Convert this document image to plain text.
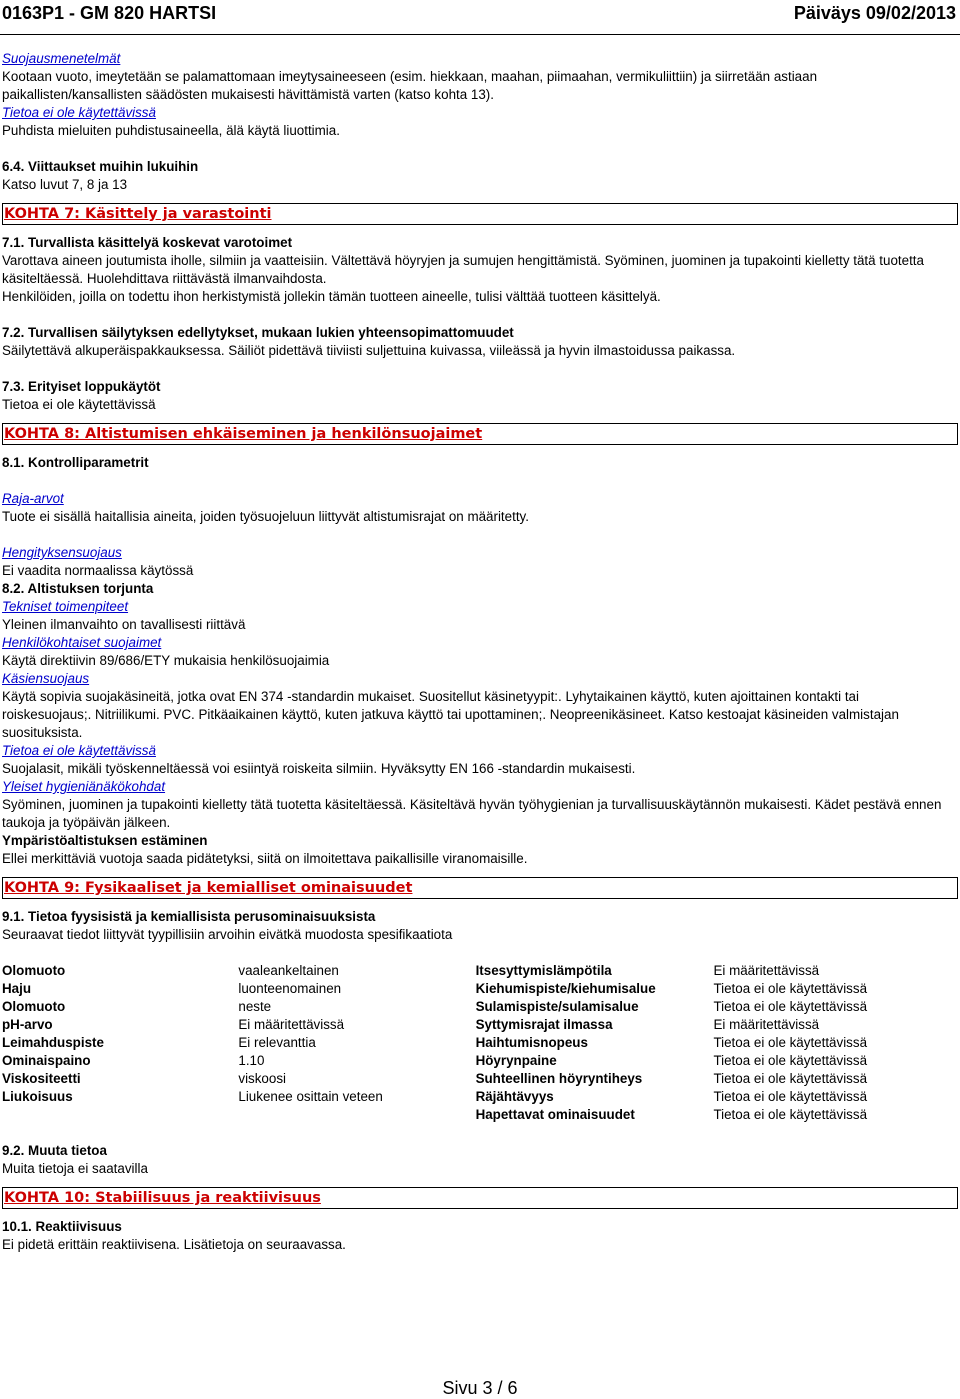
0163P1 - GM 820 HARTSI	Päiväys 09/02/2013

Suojausmenetelmät

Kootaan vuoto, imeytetään se palamattomaan imeytysaineeseen (esim. hiekkaan, maahan, piimaahan, vermikuliittiin) ja siirretään astiaan paikallisten/kansallisten säädösten mukaisesti hävittämistä varten (katso kohta 13).

Tietoa ei ole käytettävissä

Puhdista mieluiten puhdistusaineella, älä käytä liuottimia.

6.4. Viittaukset muihin lukuihin

Katso luvut 7, 8 ja 13

KOHTA 7: Käsittely ja varastointi

7.1. Turvallista käsittelyä koskevat varotoimet

Varottava aineen joutumista iholle, silmiin ja vaatteisiin. Vältettävä höyryjen ja sumujen hengittämistä. Syöminen, juominen ja tupakointi kielletty tätä tuotetta käsiteltäessä. Huolehdittava riittävästä ilmanvaihdosta.

Henkilöiden, joilla on todettu ihon herkistymistä jollekin tämän tuotteen aineelle, tulisi välttää tuotteen käsittelyä.

7.2. Turvallisen säilytyksen edellytykset, mukaan lukien yhteensopimattomuudet

Säilytettävä alkuperäispakkauksessa. Säiliöt pidettävä tiiviisti suljettuina kuivassa, viileässä ja hyvin ilmastoidussa paikassa.

7.3. Erityiset loppukäytöt

Tietoa ei ole käytettävissä

KOHTA 8: Altistumisen ehkäiseminen ja henkilönsuojaimet

8.1. Kontrolliparametrit

Raja-arvot

Tuote ei sisällä haitallisia aineita, joiden työsuojeluun liittyvät altistumisrajat on määritetty.

Hengityksensuojaus

Ei vaadita normaalissa käytössä

8.2. Altistuksen torjunta

Tekniset toimenpiteet

Yleinen ilmanvaihto on tavallisesti riittävä

Henkilökohtaiset suojaimet

Käytä direktiivin 89/686/ETY mukaisia henkilösuojaimia

Käsiensuojaus

Käytä sopivia suojakäsineitä, jotka ovat EN 374 -standardin mukaiset. Suositellut käsinetyypit:. Lyhytaikainen käyttö, kuten ajoittainen kontakti tai roiskesuojaus;. Nitriilikumi. PVC. Pitkäaikainen käyttö, kuten jatkuva käyttö tai upottaminen;. Neopreenikäsineet. Katso kestoajat käsineiden valmistajan suosituksista.

Tietoa ei ole käytettävissä

Suojalasit, mikäli työskenneltäessä voi esiintyä roiskeita silmiin. Hyväksytty EN 166 -standardin mukaisesti.

Yleiset hygieniänäkökohdat

Syöminen, juominen ja tupakointi kielletty tätä tuotetta käsiteltäessä. Käsiteltävä hyvän työhygienian ja turvallisuuskäytännön mukaisesti. Kädet pestävä ennen taukoja ja työpäivän jälkeen.

Ympäristöaltistuksen estäminen

Ellei merkittäviä vuotoja saada pidätetyksi, siitä on ilmoitettava paikallisille viranomaisille.

KOHTA 9: Fysikaaliset ja kemialliset ominaisuudet

9.1. Tietoa fyysisistä ja kemiallisista perusominaisuuksista

Seuraavat tiedot liittyvät tyypillisiin arvoihin eivätkä muodosta spesifikaatiota

Olomuoto	vaaleankeltainen	Itsesyttymislämpötila	Ei määritettävissä
Haju	luonteenomainen	Kiehumispiste/kiehumisalue	Tietoa ei ole käytettävissä
Olomuoto	neste	Sulamispiste/sulamisalue	Tietoa ei ole käytettävissä
pH-arvo	Ei määritettävissä	Syttymisrajat ilmassa	Ei määritettävissä
Leimahduspiste	Ei relevanttia	Haihtumisnopeus	Tietoa ei ole käytettävissä
Ominaispaino	1.10	Höyrynpaine	Tietoa ei ole käytettävissä
Viskositeetti	viskoosi	Suhteellinen höyryntiheys	Tietoa ei ole käytettävissä
Liukoisuus	Liukenee osittain veteen	Räjähtävyys	Tietoa ei ole käytettävissä
		Hapettavat ominaisuudet	Tietoa ei ole käytettävissä

9.2. Muuta tietoa

Muita tietoja ei saatavilla

KOHTA 10: Stabiilisuus ja reaktiivisuus

10.1. Reaktiivisuus

Ei pidetä erittäin reaktiivisena. Lisätietoja on seuraavassa.

Sivu 3 / 6
